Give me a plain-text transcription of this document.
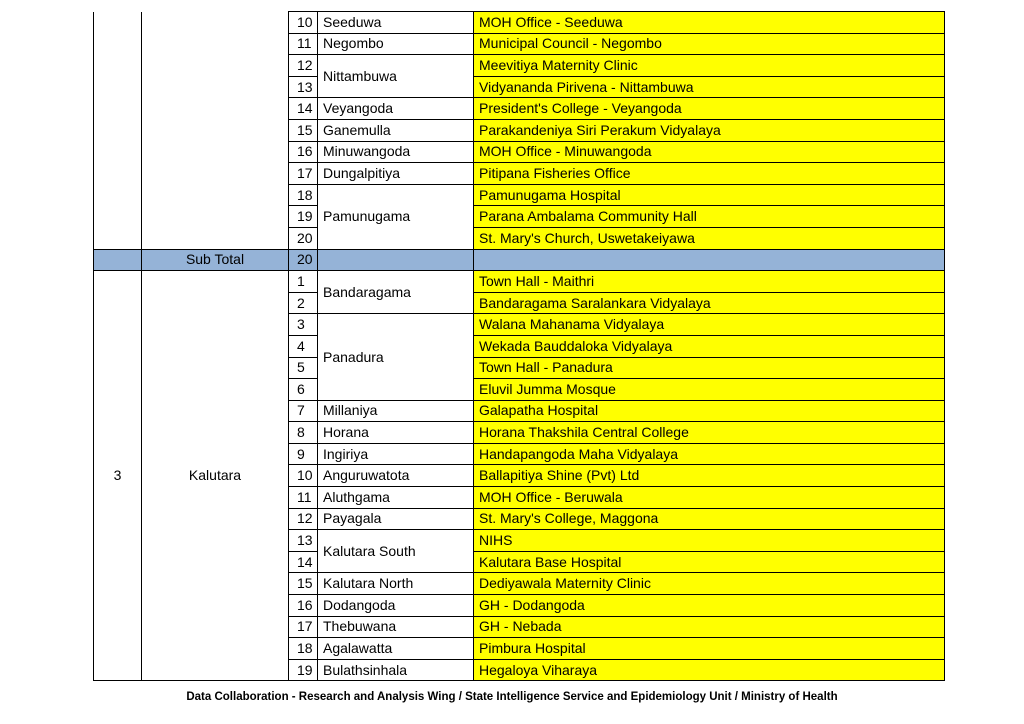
		10	Seeduwa	MOH Office - Seeduwa	
		11	Negombo	Municipal Council - Negombo	
		12	Nittambuwa	Meevitiya Maternity Clinic	
		13		Vidyananda Pirivena - Nittambuwa	
		14	Veyangoda	President's College - Veyangoda	
		15	Ganemulla	Parakandeniya Siri Perakum Vidyalaya	
		16	Minuwangoda	MOH Office - Minuwangoda	
		17	Dungalpitiya	Pitipana Fisheries Office	
		18	Pamunugama	Pamunugama Hospital	
		19		Parana Ambalama Community Hall	
		20		St. Mary's Church, Uswetakeiyawa	
	Sub Total	20			
3	Kalutara	1	Bandaragama	Town Hall - Maithri	
		2		Bandaragama Saralankara Vidyalaya	
		3	Panadura	Walana Mahanama Vidyalaya	
		4		Wekada Bauddaloka Vidyalaya	
		5		Town Hall - Panadura	
		6		Eluvil Jumma Mosque	
		7	Millaniya	Galapatha Hospital	
		8	Horana	Horana Thakshila Central College	
		9	Ingiriya	Handapangoda Maha Vidyalaya	
		10	Anguruwatota	Ballapitiya Shine (Pvt) Ltd	
		11	Aluthgama	MOH Office - Beruwala	
		12	Payagala	St. Mary's College, Maggona	
		13	Kalutara South	NIHS	
		14		Kalutara Base Hospital	
		15	Kalutara North	Dediyawala Maternity Clinic	
		16	Dodangoda	GH - Dodangoda	
		17	Thebuwana	GH - Nebada	
		18	Agalawatta	Pimbura Hospital	
		19	Bulathsinhala	Hegaloya Viharaya	
Data Collaboration - Research and Analysis Wing / State Intelligence Service and Epidemiology Unit / Ministry of Health
